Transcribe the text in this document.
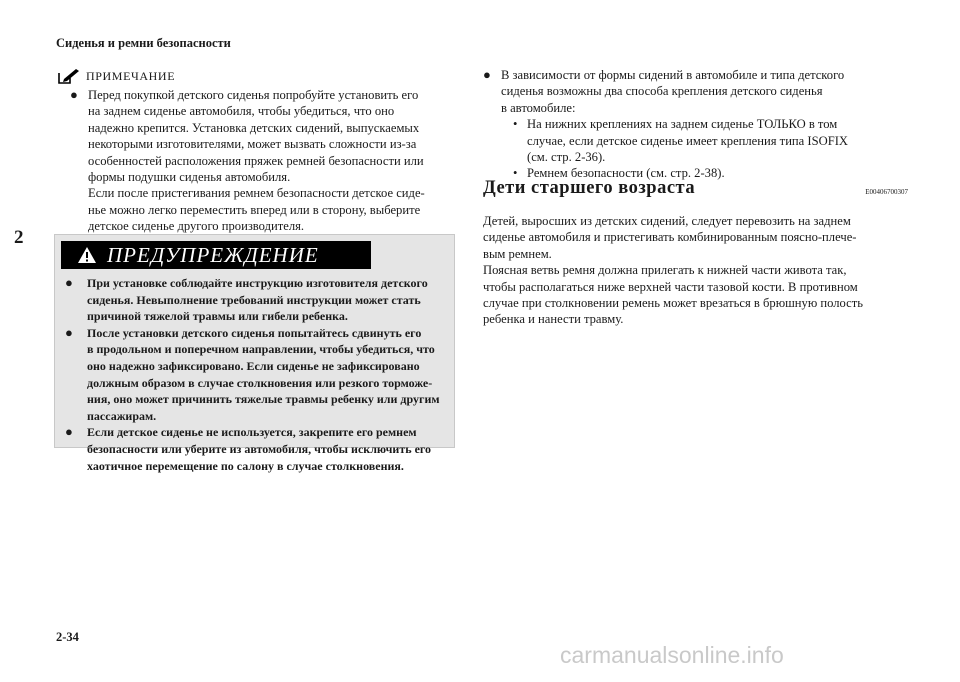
Сиденья и ремни безопасности
2
ПРИМЕЧАНИЕ
● Перед покупкой детского сиденья попробуйте установить его

на заднем сиденье автомобиля, чтобы убедиться, что оно

надежно крепится. Установка детских сидений, выпускаемых

некоторыми изготовителями, может вызвать сложности из-за

особенностей расположения пряжек ремней безопасности или

формы подушки сиденья автомобиля.

Если после пристегивания ремнем безопасности детское сиде-

нье можно легко переместить вперед или в сторону, выберите

детское сиденье другого производителя.

ПРЕДУПРЕЖДЕНИЕ
● При установке соблюдайте инструкцию изготовителя детского

сиденья. Невыполнение требований инструкции может стать

причиной тяжелой травмы или гибели ребенка.

● После установки детского сиденья попытайтесь сдвинуть его

в продольном и поперечном направлении, чтобы убедиться, что

оно надежно зафиксировано. Если сиденье не зафиксировано

должным образом в случае столкновения или резкого торможе-

ния, оно может причинить тяжелые травмы ребенку или другим

пассажирам.

● Если детское сиденье не используется, закрепите его ремнем

безопасности или уберите из автомобиля, чтобы исключить его

хаотичное перемещение по салону в случае столкновения.

● В зависимости от формы сидений в автомобиле и типа детского

сиденья возможны два способа крепления детского сиденья

в автомобиле:

• На нижних креплениях на заднем сиденье ТОЛЬКО в том

случае, если детское сиденье имеет крепления типа ISOFIX

(см. стр. 2-36).

• Ремнем безопасности (см. стр. 2-38).

Дети старшего возраста	E00406700307

Детей, выросших из детских сидений, следует перевозить на заднем

сиденье автомобиля и пристегивать комбинированным поясно-плече-

вым ремнем.

Поясная ветвь ремня должна прилегать к нижней части живота так,

чтобы располагаться ниже верхней части тазовой кости. В противном

случае при столкновении ремень может врезаться в брюшную полость

ребенка и нанести травму.

2-34
carmanualsonline.info
